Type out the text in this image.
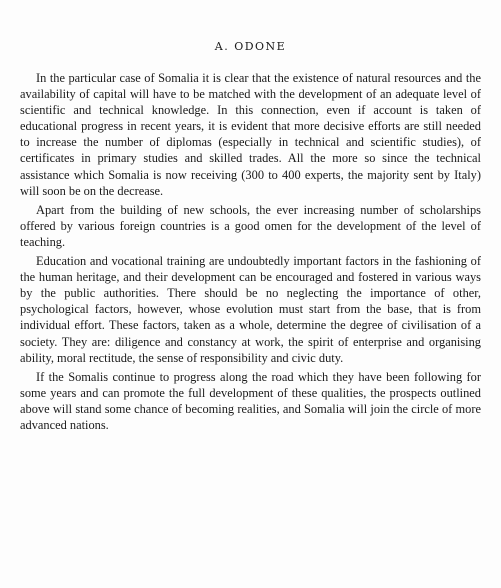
A. ODONE

In the particular case of Somalia it is clear that the existence of natural resources and the availability of capital will have to be matched with the development of an adequate level of scientific and technical knowledge. In this connection, even if account is taken of educational progress in recent years, it is evident that more decisive efforts are still needed to increase the number of diplomas (especially in technical and scientific studies), of certificates in primary studies and skilled trades. All the more so since the technical assistance which Somalia is now receiving (300 to 400 experts, the majority sent by Italy) will soon be on the decrease.

Apart from the building of new schools, the ever increasing number of scholarships offered by various foreign countries is a good omen for the development of the level of teaching.

Education and vocational training are undoubtedly important factors in the fashioning of the human heritage, and their development can be encouraged and fostered in various ways by the public authorities. There should be no neglecting the importance of other, psychological factors, however, whose evolution must start from the base, that is from individual effort. These factors, taken as a whole, determine the degree of civilisation of a society. They are: diligence and constancy at work, the spirit of enterprise and organising ability, moral rectitude, the sense of responsibility and civic duty.

If the Somalis continue to progress along the road which they have been following for some years and can promote the full development of these qualities, the prospects outlined above will stand some chance of becoming realities, and Somalia will join the circle of more advanced nations.
